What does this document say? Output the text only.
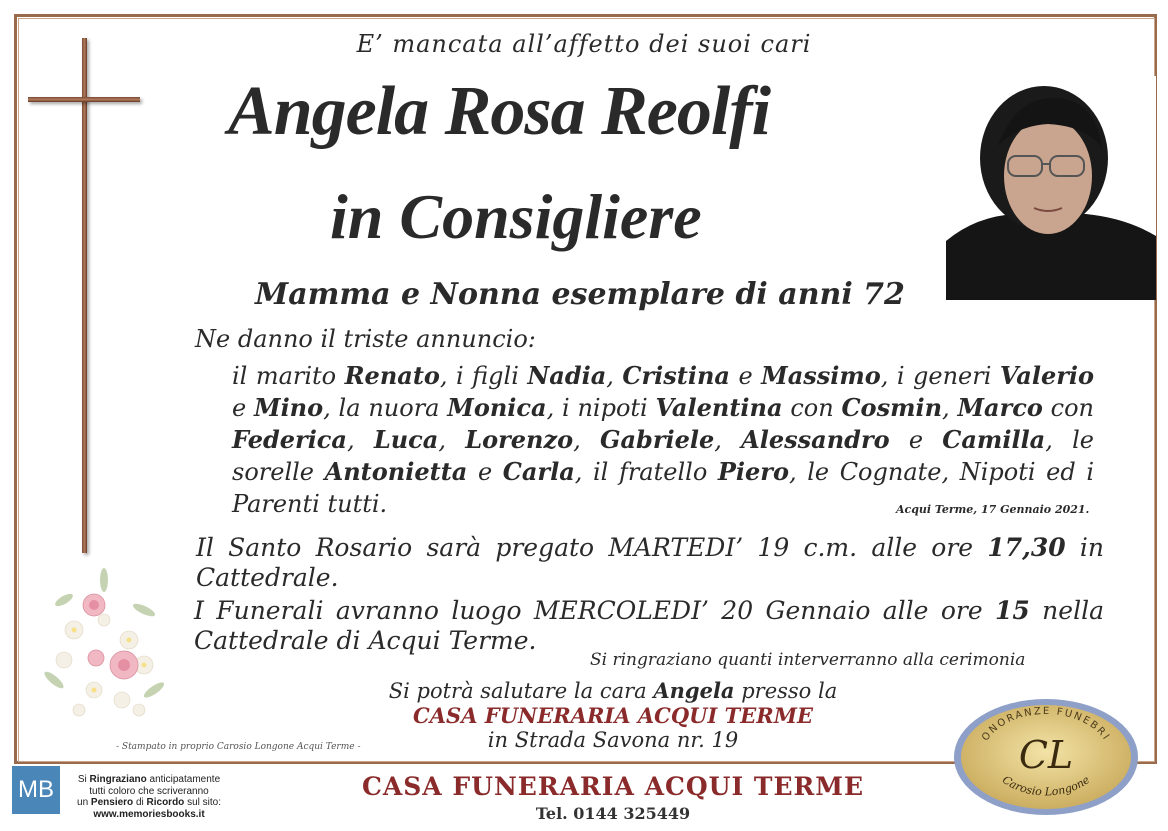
E’ mancata all’affetto dei suoi cari
Angela Rosa Reolfi
in Consigliere
Mamma e Nonna esemplare di anni 72
Ne danno il triste annuncio:
il marito Renato, i figli Nadia, Cristina e Massimo, i generi Valerio e Mino, la nuora Monica, i nipoti Valentina con Cosmin, Marco con Federica, Luca, Lorenzo, Gabriele, Alessandro e Camilla, le sorelle Antonietta e Carla, il fratello Piero, le Cognate, Nipoti ed i Parenti tutti.	Acqui Terme, 17 Gennaio 2021.
Il Santo Rosario sarà pregato MARTEDI’ 19 c.m. alle ore 17,30 in Cattedrale.
I Funerali avranno luogo MERCOLEDI’ 20 Gennaio alle ore 15 nella Cattedrale di Acqui Terme.
Si ringraziano quanti interverranno alla cerimonia
Si potrà salutare la cara Angela presso la
CASA FUNERARIA ACQUI TERME
in Strada Savona nr. 19
- Stampato in proprio Carosio Longone Acqui Terme -
ONORANZE FUNEBRI
CL
Carosio Longone
CASA FUNERARIA ACQUI TERME
Tel. 0144 325449
MB	Si Ringraziano anticipatamente
tutti coloro che scriveranno
un Pensiero di Ricordo sul sito:
www.memoriesbooks.it
